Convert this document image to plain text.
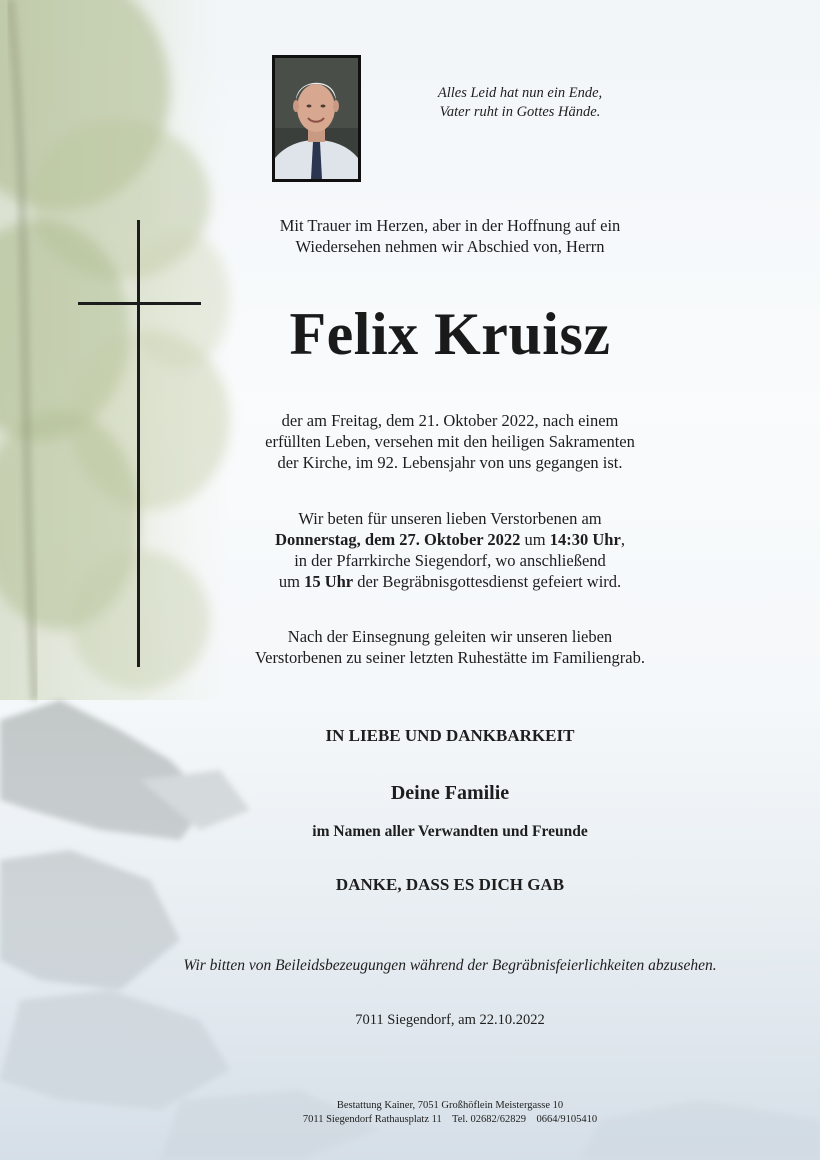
Alles Leid hat nun ein Ende,
Vater ruht in Gottes Hände.
Mit Trauer im Herzen, aber in der Hoffnung auf ein
Wiedersehen nehmen wir Abschied von, Herrn
Felix Kruisz
der am Freitag, dem 21. Oktober 2022, nach einem
erfüllten Leben, versehen mit den heiligen Sakramenten
der Kirche, im 92. Lebensjahr von uns gegangen ist.
Wir beten für unseren lieben Verstorbenen am
Donnerstag, dem 27. Oktober 2022 um 14:30 Uhr,
in der Pfarrkirche Siegendorf, wo anschließend
um 15 Uhr der Begräbnisgottesdienst gefeiert wird.
Nach der Einsegnung geleiten wir unseren lieben
Verstorbenen zu seiner letzten Ruhestätte im Familiengrab.
IN LIEBE UND DANKBARKEIT
Deine Familie
im Namen aller Verwandten und Freunde
DANKE, DASS ES DICH GAB
Wir bitten von Beileidsbezeugungen während der Begräbnisfeierlichkeiten abzusehen.
7011 Siegendorf, am 22.10.2022
Bestattung Kainer, 7051 Großhöflein Meistergasse 10
7011 Siegendorf Rathausplatz 11    Tel. 02682/62829    0664/9105410
